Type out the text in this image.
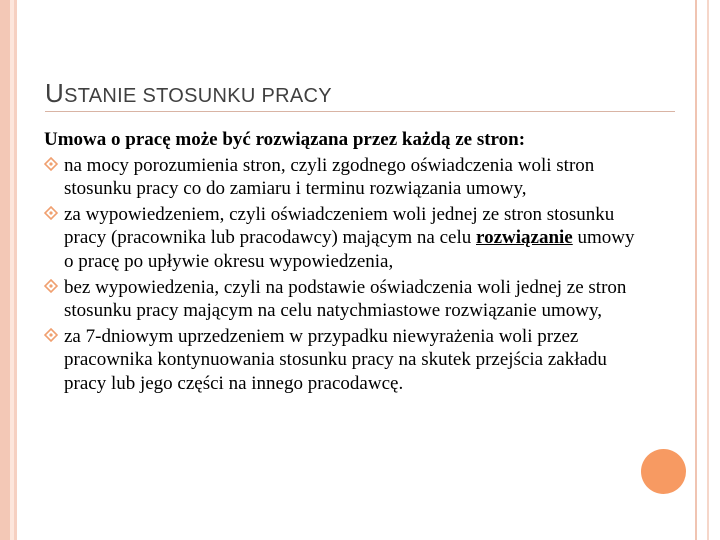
USTANIE STOSUNKU PRACY

Umowa o pracę może być rozwiązana przez każdą ze stron:

na mocy porozumienia stron, czyli zgodnego oświadczenia woli stron stosunku pracy co do zamiaru i terminu rozwiązania umowy,
za wypowiedzeniem, czyli oświadczeniem woli jednej ze stron stosunku pracy (pracownika lub pracodawcy) mającym na celu rozwiązanie umowy o pracę po upływie okresu wypowiedzenia,
bez wypowiedzenia, czyli na podstawie oświadczenia woli jednej ze stron stosunku pracy mającym na celu natychmiastowe rozwiązanie umowy,
za 7-dniowym uprzedzeniem w przypadku niewyrażenia woli przez pracownika kontynuowania stosunku pracy na skutek przejścia zakładu pracy lub jego części na innego pracodawcę.
